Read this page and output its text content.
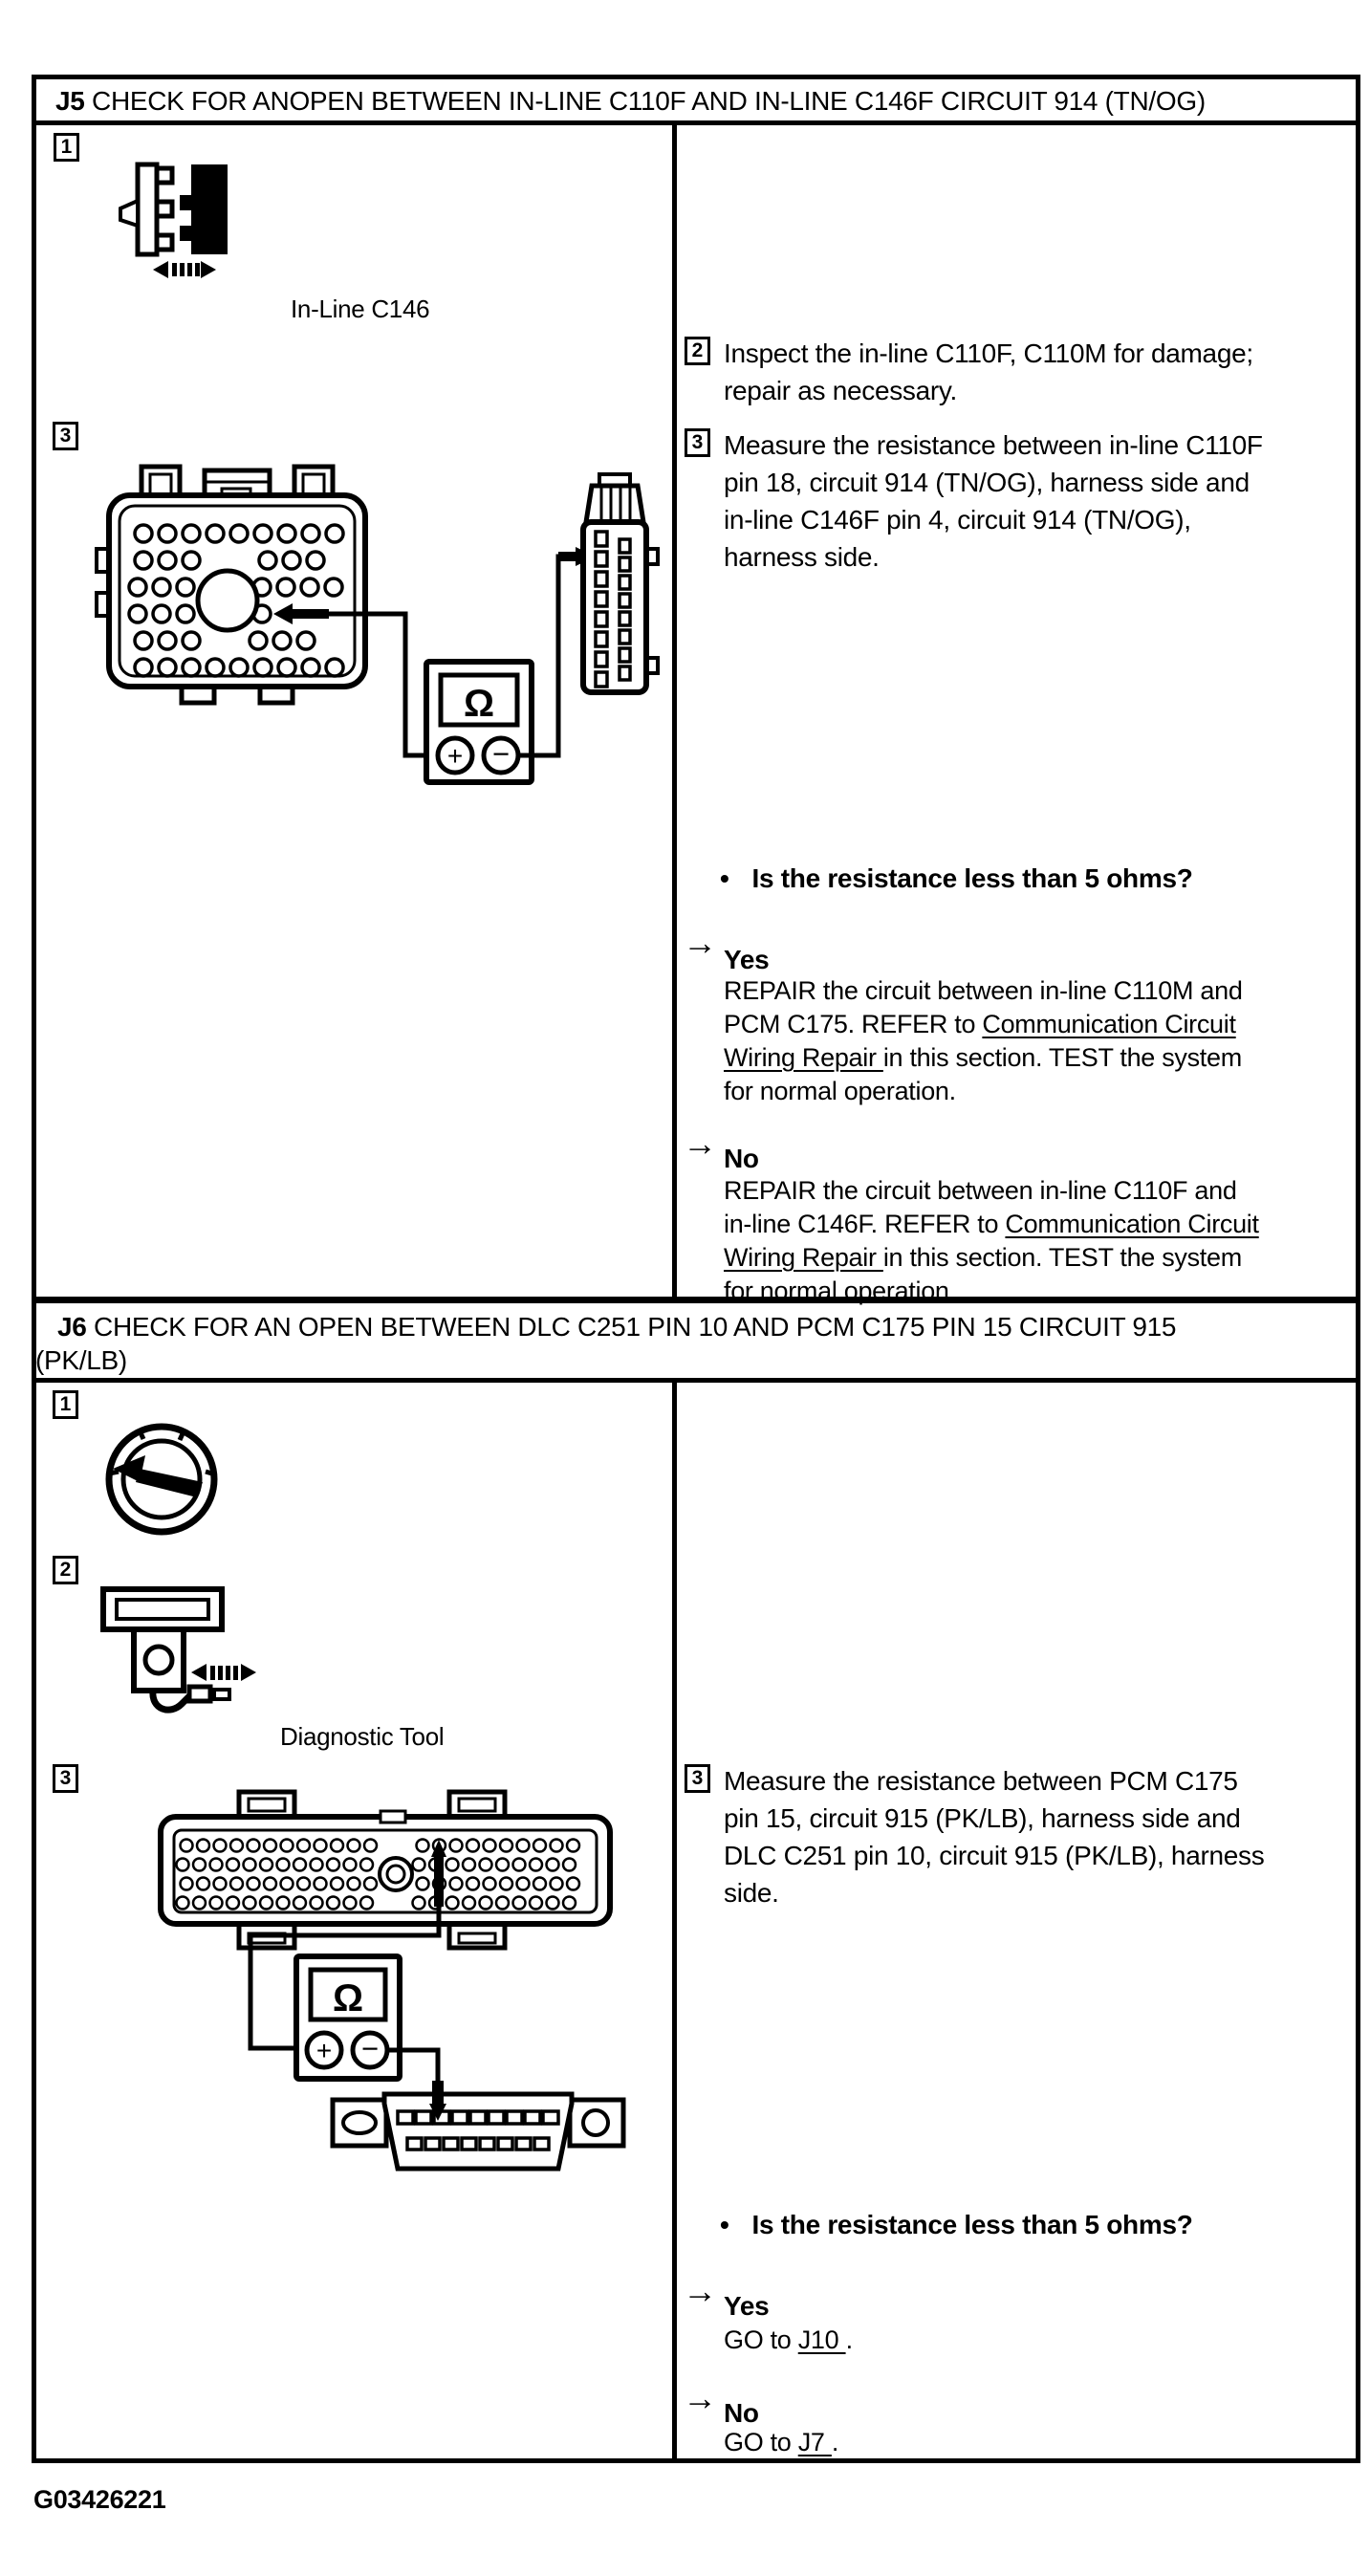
J5 CHECK FOR ANOPEN BETWEEN IN-LINE C110F AND IN-LINE C146F CIRCUIT 914 (TN/OG)
1
In-Line C146
3
Ω
+ −
2 Inspect the in-line C110F, C110M for damage;
repair as necessary.
3 Measure the resistance between in-line C110F
pin 18, circuit 914 (TN/OG), harness side and
in-line C146F pin 4, circuit 914 (TN/OG),
harness side.
• Is the resistance less than 5 ohms?
→ Yes
REPAIR the circuit between in-line C110M and
PCM C175. REFER to Communication Circuit
Wiring Repair in this section. TEST the system
for normal operation.
→ No
REPAIR the circuit between in-line C110F and
in-line C146F. REFER to Communication Circuit
Wiring Repair in this section. TEST the system
for normal operation.
J6 CHECK FOR AN OPEN BETWEEN DLC C251 PIN 10 AND PCM C175 PIN 15 CIRCUIT 915
(PK/LB)
1
2
Diagnostic Tool
3
Ω
+ −
3 Measure the resistance between PCM C175
pin 15, circuit 915 (PK/LB), harness side and
DLC C251 pin 10, circuit 915 (PK/LB), harness
side.
• Is the resistance less than 5 ohms?
→ Yes
GO to J10 .
→ No
GO to J7 .
G03426221
